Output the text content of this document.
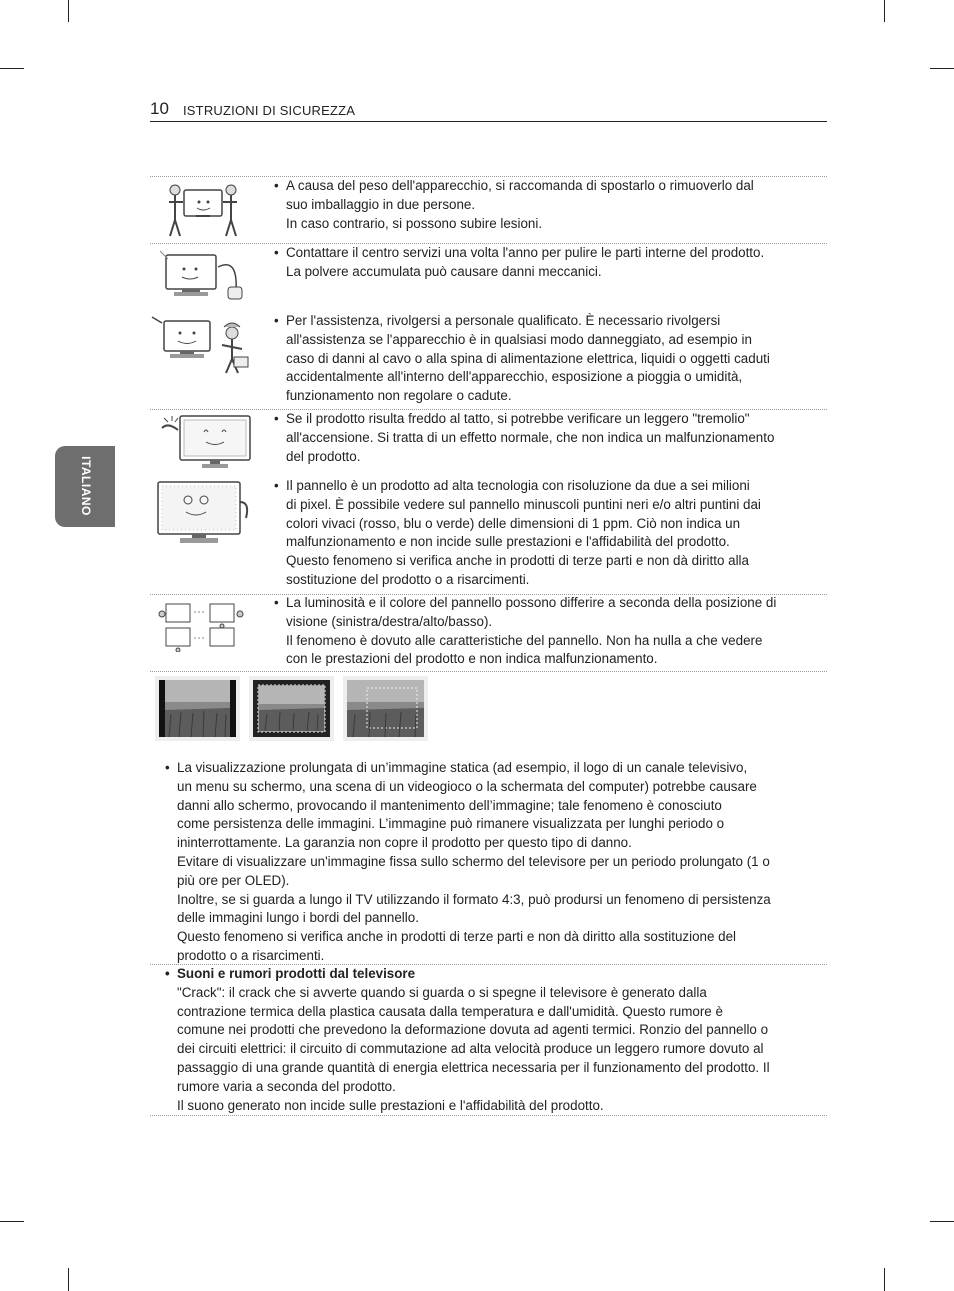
10 ISTRUZIONI DI SICUREZZA
ITALIANO
• A causa del peso dell'apparecchio, si raccomanda di spostarlo o rimuoverlo dal

suo imballaggio in due persone.

In caso contrario, si possono subire lesioni.

• Contattare il centro servizi una volta l'anno per pulire le parti interne del prodotto.

La polvere accumulata può causare danni meccanici.

• Per l'assistenza, rivolgersi a personale qualificato. È necessario rivolgersi

all'assistenza se l'apparecchio è in qualsiasi modo danneggiato, ad esempio in

caso di danni al cavo o alla spina di alimentazione elettrica, liquidi o oggetti caduti

accidentalmente all'interno dell'apparecchio, esposizione a pioggia o umidità,

funzionamento non regolare o cadute.

• Se il prodotto risulta freddo al tatto, si potrebbe verificare un leggero "tremolio"

all'accensione. Si tratta di un effetto normale, che non indica un malfunzionamento

del prodotto.

• Il pannello è un prodotto ad alta tecnologia con risoluzione da due a sei milioni

di pixel. È possibile vedere sul pannello minuscoli puntini neri e/o altri puntini dai

colori vivaci (rosso, blu o verde) delle dimensioni di 1 ppm. Ciò non indica un

malfunzionamento e non incide sulle prestazioni e l'affidabilità del prodotto.

Questo fenomeno si verifica anche in prodotti di terze parti e non dà diritto alla

sostituzione del prodotto o a risarcimenti.

• La luminosità e il colore del pannello possono differire a seconda della posizione di

visione (sinistra/destra/alto/basso).

Il fenomeno è dovuto alle caratteristiche del pannello. Non ha nulla a che vedere

con le prestazioni del prodotto e non indica malfunzionamento.

• La visualizzazione prolungata di un’immagine statica (ad esempio, il logo di un canale televisivo,

un menu su schermo, una scena di un videogioco o la schermata del computer) potrebbe causare

danni allo schermo, provocando il mantenimento dell’immagine; tale fenomeno è conosciuto

come persistenza delle immagini. L’immagine può rimanere visualizzata per lunghi periodo o

ininterrottamente. La garanzia non copre il prodotto per questo tipo di danno.

Evitare di visualizzare un'immagine fissa sullo schermo del televisore per un periodo prolungato (1 o

più ore per OLED).

Inoltre, se si guarda a lungo il TV utilizzando il formato 4:3, può prodursi un fenomeno di persistenza

delle immagini lungo i bordi del pannello.

Questo fenomeno si verifica anche in prodotti di terze parti e non dà diritto alla sostituzione del

prodotto o a risarcimenti.

• Suoni e rumori prodotti dal televisore

"Crack": il crack che si avverte quando si guarda o si spegne il televisore è generato dalla

contrazione termica della plastica causata dalla temperatura e dall'umidità. Questo rumore è

comune nei prodotti che prevedono la deformazione dovuta ad agenti termici. Ronzio del pannello o

dei circuiti elettrici: il circuito di commutazione ad alta velocità produce un leggero rumore dovuto al

passaggio di una grande quantità di energia elettrica necessaria per il funzionamento del prodotto. Il

rumore varia a seconda del prodotto.

Il suono generato non incide sulle prestazioni e l'affidabilità del prodotto.
